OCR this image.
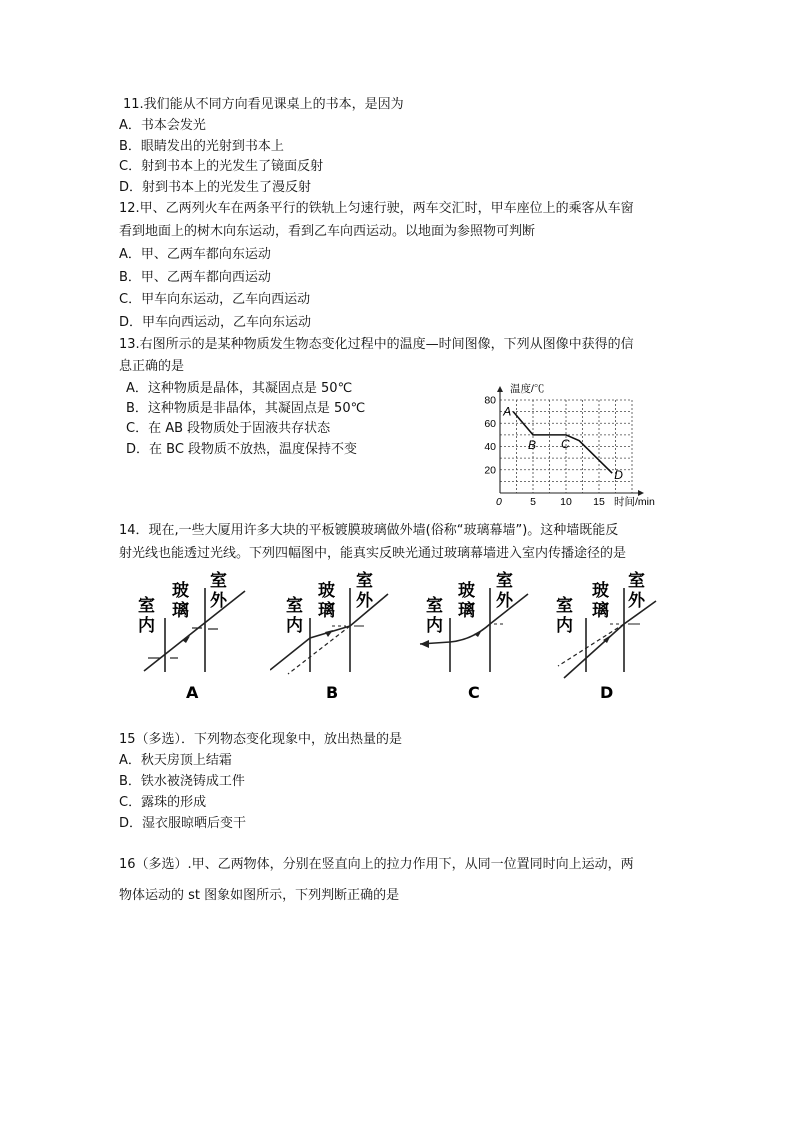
11.我们能从不同方向看见课桌上的书本，是因为
A．书本会发光
B．眼睛发出的光射到书本上
C．射到书本上的光发生了镜面反射
D．射到书本上的光发生了漫反射
12.甲、乙两列火车在两条平行的铁轨上匀速行驶，两车交汇时，甲车座位上的乘客从车窗
看到地面上的树木向东运动，看到乙车向西运动。以地面为参照物可判断
A．甲、乙两车都向东运动
B．甲、乙两车都向西运动
C．甲车向东运动，乙车向西运动
D．甲车向西运动，乙车向东运动
13.右图所示的是某种物质发生物态变化过程中的温度—时间图像，下列从图像中获得的信
息正确的是
A．这种物质是晶体，其凝固点是 50℃
B．这种物质是非晶体，其凝固点是 50℃
C．在 AB 段物质处于固液共存状态
D．在 BC 段物质不放热，温度保持不变
5 10 15
20
40
60
80
A
B C
D
温度/℃
时间/min
0
14．现在,一些大厦用许多大块的平板镀膜玻璃做外墙(俗称“玻璃幕墙”)。这种墙既能反
射光线也能透过光线。下列四幅图中，能真实反映光通过玻璃幕墙进入室内传播途径的是
室
内
玻
璃
室
外
A
室
内
玻
璃
室
外
B
室
内
玻
璃
室
外
C
室
内
玻
璃
室
外
D
15（多选）．下列物态变化现象中，放出热量的是
A．秋天房顶上结霜
B．铁水被浇铸成工件
C．露珠的形成
D．湿衣服晾晒后变干
16（多选）.甲、乙两物体，分别在竖直向上的拉力作用下，从同一位置同时向上运动，两
物体运动的 st 图象如图所示，下列判断正确的是
